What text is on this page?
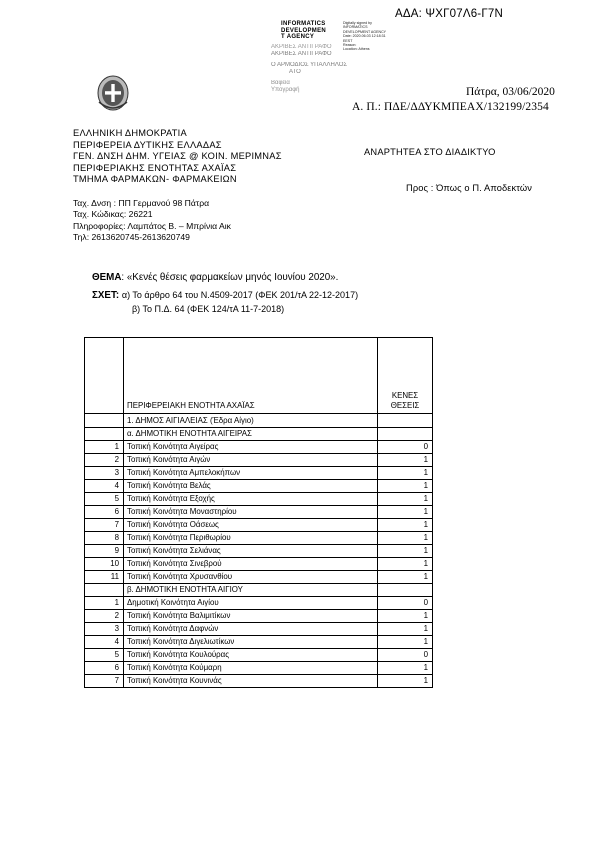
ΑΔΑ: ΨΧΓ07Λ6-Γ7Ν
INFORMATICS
DEVELOPMEN
T AGENCY
Digitally signed by
INFORMATICS
DEVELOPMENT AGENCY
Date: 2020.06.03 12:18:31
EEST
Reason:
Location: Athens
ΑΚΡΙΒΕΣ ΑΝΤΙΓΡΑΦΟ
ΑΚΡΙΒΕΣ ΑΝΤΙΓΡΑΦΟ
Ο ΑΡΜΟΔΙΟΣ ΥΠΑΛΛΗΛΟΣ
ΑΤΟ
Βαφεία
Υπογραφή	Πάτρα, 03/06/2020
Α. Π.: ΠΔΕ/ΔΔΥΚΜΠΕΑΧ/132199/2354
ΕΛΛΗΝΙΚΗ ΔΗΜΟΚΡΑΤΙΑ
ΠΕΡΙΦΕΡΕΙΑ ΔΥΤΙΚΗΣ ΕΛΛΑΔΑΣ
ΓΕΝ. ΔΝΣΗ ΔΗΜ. ΥΓΕΙΑΣ @ ΚΟΙΝ. ΜΕΡΙΜΝΑΣ
ΠΕΡΙΦΕΡΙΑΚΗΣ ΕΝΟΤΗΤΑΣ ΑΧΑΪΑΣ
ΤΜΗΜΑ ΦΑΡΜΑΚΩΝ- ΦΑΡΜΑΚΕΙΩΝ
ΑΝΑΡΤΗΤΕΑ ΣΤΟ ΔΙΑΔΙΚΤΥΟ
Προς : Όπως ο Π. Αποδεκτών
Ταχ. Δνση : ΠΠ Γερμανού 98 Πάτρα
Ταχ. Κώδικας: 26221
Πληροφορίες: Λαμπάτος Β. – Μπρίνια Αικ
Τηλ: 2613620745-2613620749
ΘΕΜΑ: «Κενές θέσεις φαρμακείων μηνός Ιουνίου 2020».
ΣΧΕΤ: α) Το άρθρο 64 του Ν.4509-2017 (ΦΕΚ 201/τΑ 22-12-2017)
β) Το Π.Δ. 64 (ΦΕΚ 124/τΑ 11-7-2018)
	ΠΕΡΙΦΕΡΕΙΑΚΗ ΕΝΟΤΗΤΑ ΑΧΑΪΑΣ	ΚΕΝΕΣ ΘΕΣΕΙΣ
	1. ΔΗΜΟΣ ΑΙΓΙΑΛΕΙΑΣ (Έδρα Αίγιο)	
	α. ΔΗΜΟΤΙΚΗ ΕΝΟΤΗΤΑ ΑΙΓΕΙΡΑΣ	
1	Τοπική Κοινότητα Αιγείρας	0
2	Τοπική Κοινότητα Αιγών	1
3	Τοπική Κοινότητα Αμπελοκήπων	1
4	Τοπική Κοινότητα Βελάς	1
5	Τοπική Κοινότητα Εξοχής	1
6	Τοπική Κοινότητα Μοναστηρίου	1
7	Τοπική Κοινότητα Οάσεως	1
8	Τοπική Κοινότητα Περιθωρίου	1
9	Τοπική Κοινότητα Σελιάνας	1
10	Τοπική Κοινότητα Σινεβρού	1
11	Τοπική Κοινότητα Χρυσανθίου	1
	β. ΔΗΜΟΤΙΚΗ ΕΝΟΤΗΤΑ ΑΙΓΙΟΥ	
1	Δημοτική Κοινότητα Αιγίου	0
2	Τοπική Κοινότητα Βαλιμιτίκων	1
3	Τοπική Κοινότητα Δαφνών	1
4	Τοπική Κοινότητα Διγελιωτίκων	1
5	Τοπική Κοινότητα Κουλούρας	0
6	Τοπική Κοινότητα Κούμαρη	1
7	Τοπική Κοινότητα Κουνινάς	1
